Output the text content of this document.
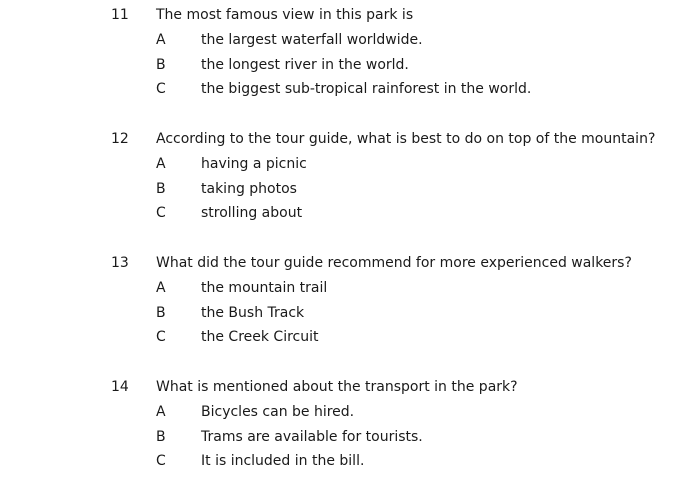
11 The most famous view in this park is
A	the largest waterfall worldwide.
B	the longest river in the world.
C	the biggest sub-tropical rainforest in the world.
12 According to the tour guide, what is best to do on top of the mountain?
A	having a picnic
B	taking photos
C	strolling about
13 What did the tour guide recommend for more experienced walkers?
A	the mountain trail
B	the Bush Track
C	the Creek Circuit
14 What is mentioned about the transport in the park?
A	Bicycles can be hired.
B	Trams are available for tourists.
C	It is included in the bill.
